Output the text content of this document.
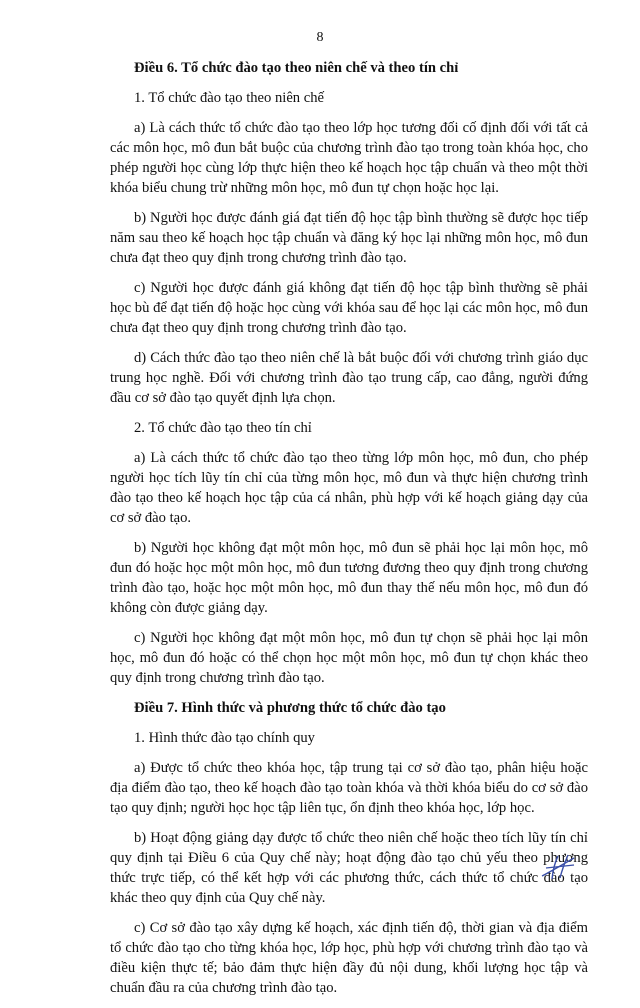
8

Điều 6. Tổ chức đào tạo theo niên chế và theo tín chỉ

1. Tổ chức đào tạo theo niên chế

a) Là cách thức tổ chức đào tạo theo lớp học tương đối cố định đối với tất cả các môn học, mô đun bắt buộc của chương trình đào tạo trong toàn khóa học, cho phép người học cùng lớp thực hiện theo kế hoạch học tập chuẩn và theo một thời khóa biểu chung trừ những môn học, mô đun tự chọn hoặc học lại.

b) Người học được đánh giá đạt tiến độ học tập bình thường sẽ được học tiếp năm sau theo kế hoạch học tập chuẩn và đăng ký học lại những môn học, mô đun chưa đạt theo quy định trong chương trình đào tạo.

c) Người học được đánh giá không đạt tiến độ học tập bình thường sẽ phải học bù để đạt tiến độ hoặc học cùng với khóa sau để học lại các môn học, mô đun chưa đạt theo quy định trong chương trình đào tạo.

d) Cách thức đào tạo theo niên chế là bắt buộc đối với chương trình giáo dục trung học nghề. Đối với chương trình đào tạo trung cấp, cao đẳng, người đứng đầu cơ sở đào tạo quyết định lựa chọn.

2. Tổ chức đào tạo theo tín chỉ

a) Là cách thức tổ chức đào tạo theo từng lớp môn học, mô đun, cho phép người học tích lũy tín chỉ của từng môn học, mô đun và thực hiện chương trình đào tạo theo kế hoạch học tập của cá nhân, phù hợp với kế hoạch giảng dạy của cơ sở đào tạo.

b) Người học không đạt một môn học, mô đun sẽ phải học lại môn học, mô đun đó hoặc học một môn học, mô đun tương đương theo quy định trong chương trình đào tạo, hoặc học một môn học, mô đun thay thế nếu môn học, mô đun đó không còn được giảng dạy.

c) Người học không đạt một môn học, mô đun tự chọn sẽ phải học lại môn học, mô đun đó hoặc có thể chọn học một môn học, mô đun tự chọn khác theo quy định trong chương trình đào tạo.

Điều 7. Hình thức và phương thức tổ chức đào tạo

1. Hình thức đào tạo chính quy

a) Được tổ chức theo khóa học, tập trung tại cơ sở đào tạo, phân hiệu hoặc địa điểm đào tạo, theo kế hoạch đào tạo toàn khóa và thời khóa biểu do cơ sở đào tạo quy định; người học học tập liên tục, ổn định theo khóa học, lớp học.

b) Hoạt động giảng dạy được tổ chức theo niên chế hoặc theo tích lũy tín chỉ quy định tại Điều 6 của Quy chế này; hoạt động đào tạo chủ yếu theo phương thức trực tiếp, có thể kết hợp với các phương thức, cách thức tổ chức đào tạo khác theo quy định của Quy chế này.

c) Cơ sở đào tạo xây dựng kế hoạch, xác định tiến độ, thời gian và địa điểm tổ chức đào tạo cho từng khóa học, lớp học, phù hợp với chương trình đào tạo và điều kiện thực tế; bảo đảm thực hiện đầy đủ nội dung, khối lượng học tập và chuẩn đầu ra của chương trình đào tạo.
